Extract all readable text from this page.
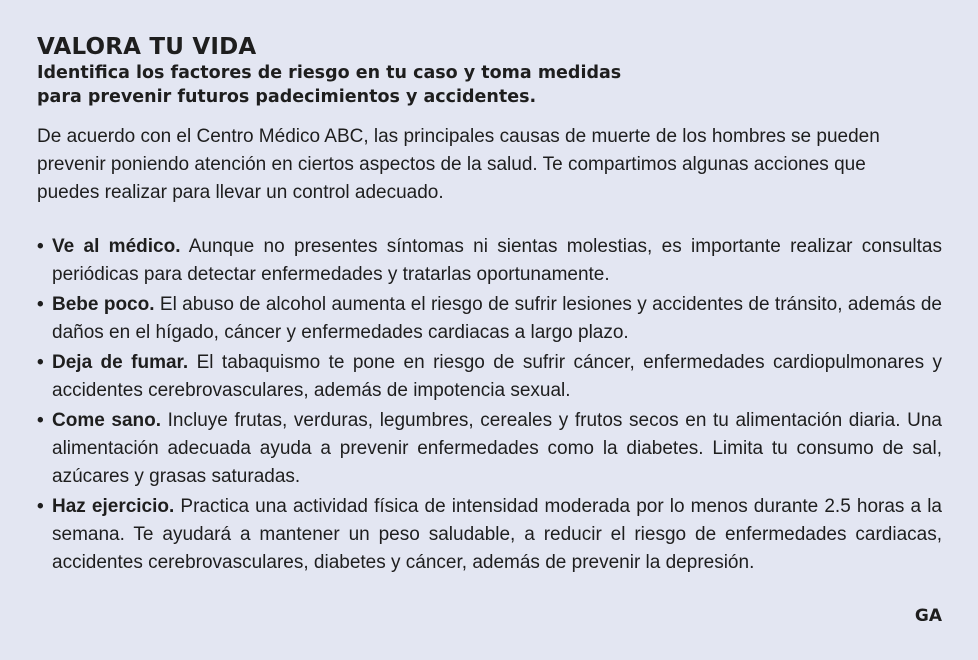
VALORA TU VIDA
Identifica los factores de riesgo en tu caso y toma medidas para prevenir futuros padecimientos y accidentes.

De acuerdo con el Centro Médico ABC, las principales causas de muerte de los hombres se pueden prevenir poniendo atención en ciertos aspectos de la salud. Te compartimos algunas acciones que puedes realizar para llevar un control adecuado.

• Ve al médico. Aunque no presentes síntomas ni sientas molestias, es importante realizar consultas periódicas para detectar enfermedades y tratarlas oportunamente.
• Bebe poco. El abuso de alcohol aumenta el riesgo de sufrir lesiones y accidentes de tránsito, además de daños en el hígado, cáncer y enfermedades cardiacas a largo plazo.
• Deja de fumar. El tabaquismo te pone en riesgo de sufrir cáncer, enfermedades cardiopulmonares y accidentes cerebrovasculares, además de impotencia sexual.
• Come sano. Incluye frutas, verduras, legumbres, cereales y frutos secos en tu alimentación diaria. Una alimentación adecuada ayuda a prevenir enfermedades como la diabetes. Limita tu consumo de sal, azúcares y grasas saturadas.
• Haz ejercicio. Practica una actividad física de intensidad moderada por lo menos durante 2.5 horas a la semana. Te ayudará a mantener un peso saludable, a reducir el riesgo de enfermedades cardiacas, accidentes cerebrovasculares, diabetes y cáncer, además de prevenir la depresión.
GA
